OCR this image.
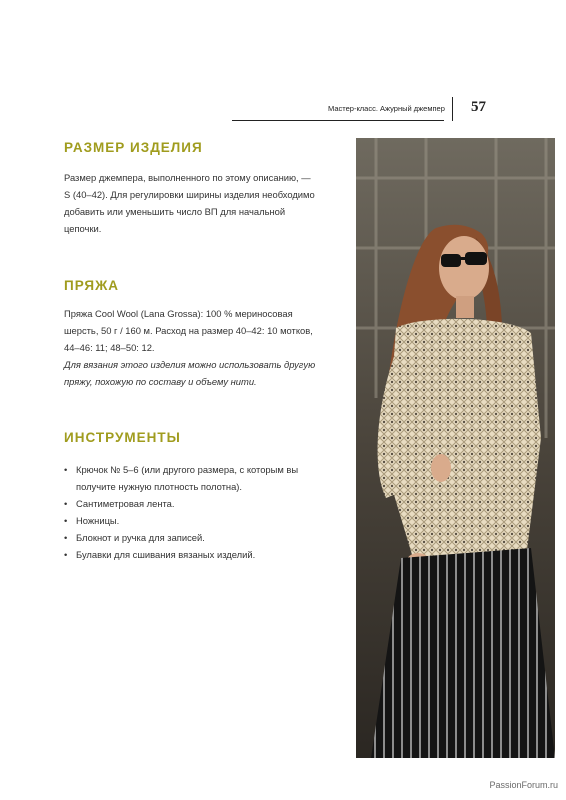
Мастер-класс. Ажурный джемпер 57
РАЗМЕР ИЗДЕЛИЯ
Размер джемпера, выполненного по этому описанию, —
S (40–42). Для регулировки ширины изделия необходимо
добавить или уменьшить число ВП для начальной
цепочки.
ПРЯЖА
Пряжа Cool Wool (Lana Grossa): 100 % мериносовая
шерсть, 50 г / 160 м. Расход на размер 40–42: 10 мотков,
44–46: 11; 48–50: 12.
Для вязания этого изделия можно использовать другую
пряжу, похожую по составу и объему нити.
ИНСТРУМЕНТЫ
• Крючок № 5–6 (или другого размера, с которым вы
получите нужную плотность полотна).
• Сантиметровая лента.
• Ножницы.
• Блокнот и ручка для записей.
• Булавки для сшивания вязаных изделий.
PassionForum.ru
